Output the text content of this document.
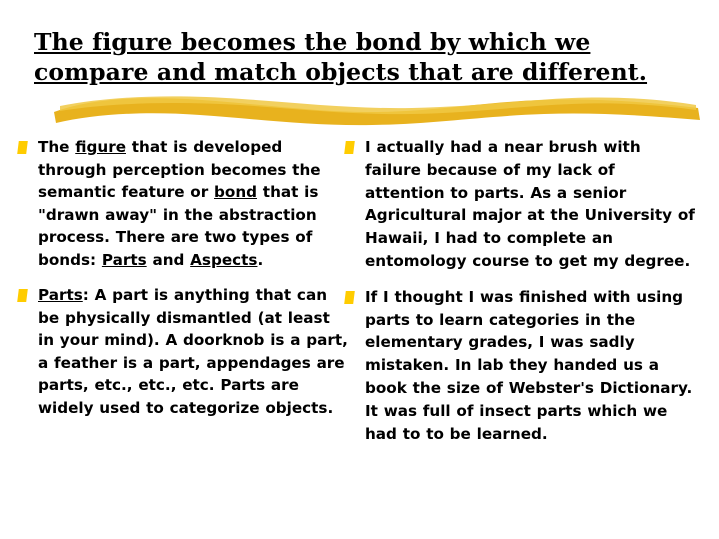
The figure becomes the bond by which we
compare and match objects that are different.
The figure that is developed through perception becomes the semantic feature or bond that is "drawn away" in the abstraction process. There are two types of bonds: Parts and Aspects.
Parts: A part is anything that can be physically dismantled (at least in your mind). A doorknob is a part, a feather is a part, appendages are parts, etc., etc., etc. Parts are widely used to categorize objects.
I actually had a near brush with failure because of my lack of attention to parts. As a senior Agricultural major at the University of Hawaii, I had to complete an entomology course to get my degree.
If I thought I was finished with using parts to learn categories in the elementary grades, I was sadly mistaken. In lab they handed us a book the size of Webster's Dictionary. It was full of insect parts which we had to to be learned.
